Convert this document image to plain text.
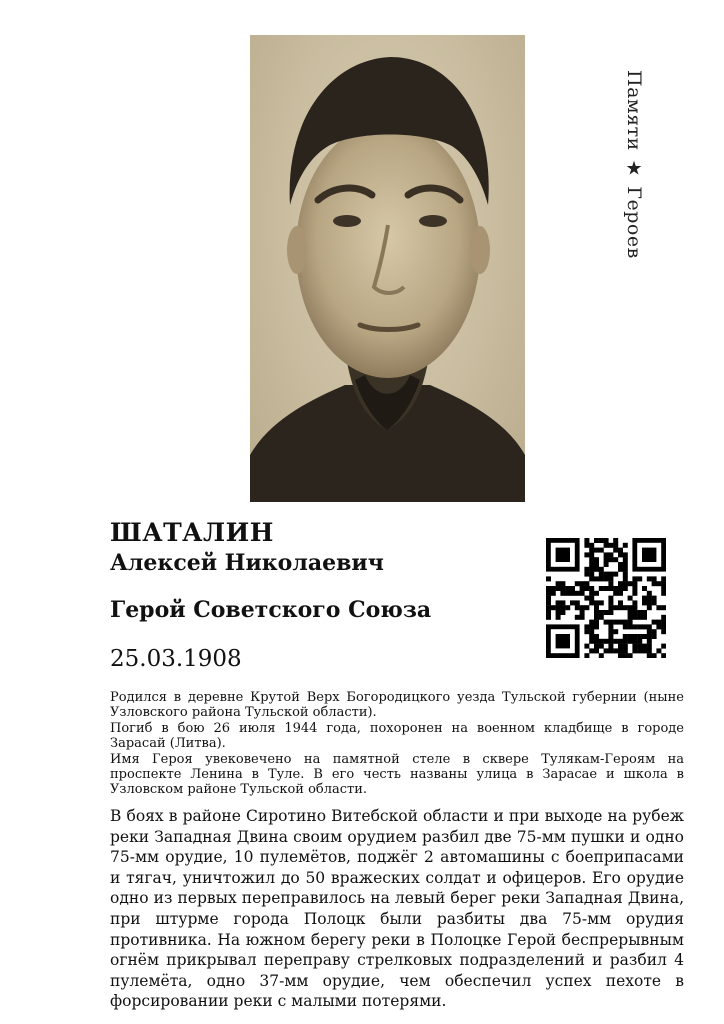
Памяти ★ Героев
ШАТАЛИН
Алексей Николаевич
Герой Советского Союза
25.03.1908

Родился в деревне Крутой Верх Богородицкого уезда Тульской губернии (ныне Узловского района Тульской области).

Погиб в бою 26 июля 1944 года, похоронен на военном кладбище в городе Зарасай (Литва).

Имя Героя увековечено на памятной стеле в сквере Тулякам-Героям на проспекте Ленина в Туле. В его честь названы улица в Зарасае и школа в Узловском районе Тульской области.

В боях в районе Сиротино Витебской области и при выходе на рубеж реки Западная Двина своим орудием разбил две 75-мм пушки и одно 75-мм орудие, 10 пулемётов, поджёг 2 автомашины с боеприпасами и тягач, уничтожил до 50 вражеских солдат и офицеров. Его орудие одно из первых переправилось на левый берег реки Западная Двина, при штурме города Полоцк были разбиты два 75-мм орудия противника. На южном берегу реки в Полоцке Герой беспрерывным огнём прикрывал переправу стрелковых подразделений и разбил 4 пулемёта, одно 37-мм орудие, чем обеспечил успех пехоте в форсировании реки с малыми потерями.
